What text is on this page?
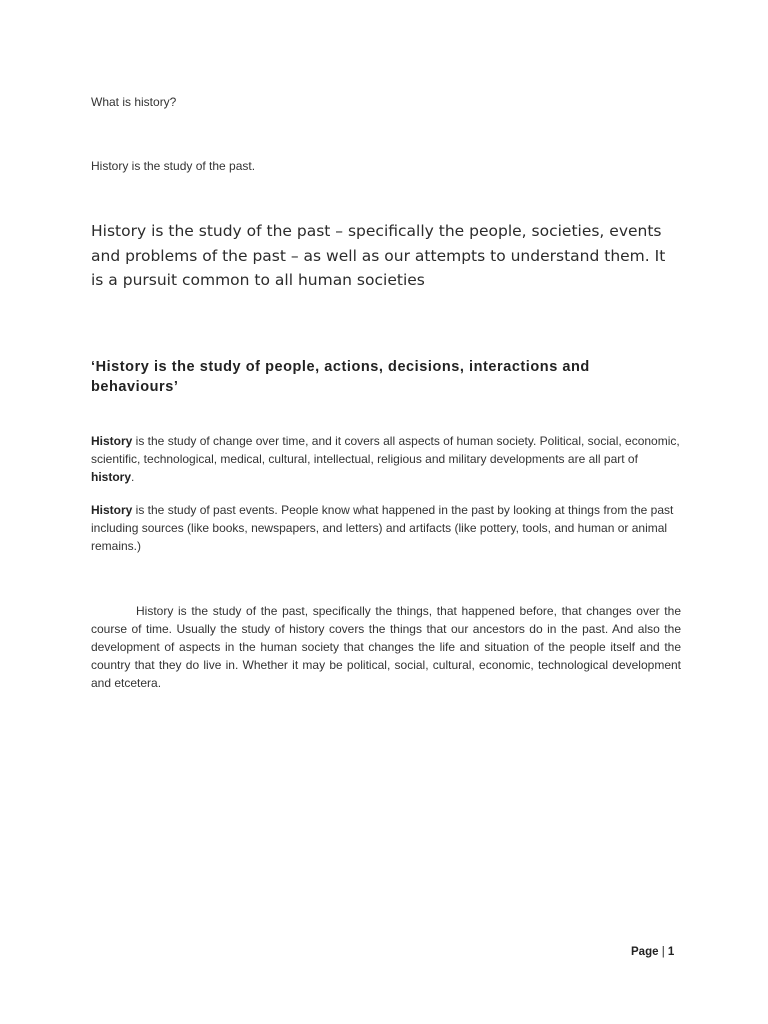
What is history?
History is the study of the past.
History is the study of the past – specifically the people, societies, events and problems of the past – as well as our attempts to understand them. It is a pursuit common to all human societies
‘History is the study of people, actions, decisions, interactions and behaviours’
History is the study of change over time, and it covers all aspects of human society. Political, social, economic, scientific, technological, medical, cultural, intellectual, religious and military developments are all part of history.
History is the study of past events. People know what happened in the past by looking at things from the past including sources (like books, newspapers, and letters) and artifacts (like pottery, tools, and human or animal remains.)
History is the study of the past, specifically the things, that happened before, that changes over the course of time. Usually the study of history covers the things that our ancestors do in the past. And also the development of aspects in the human society that changes the life and situation of the people itself and the country that they do live in. Whether it may be political, social, cultural, economic, technological development and etcetera.
Page | 1
